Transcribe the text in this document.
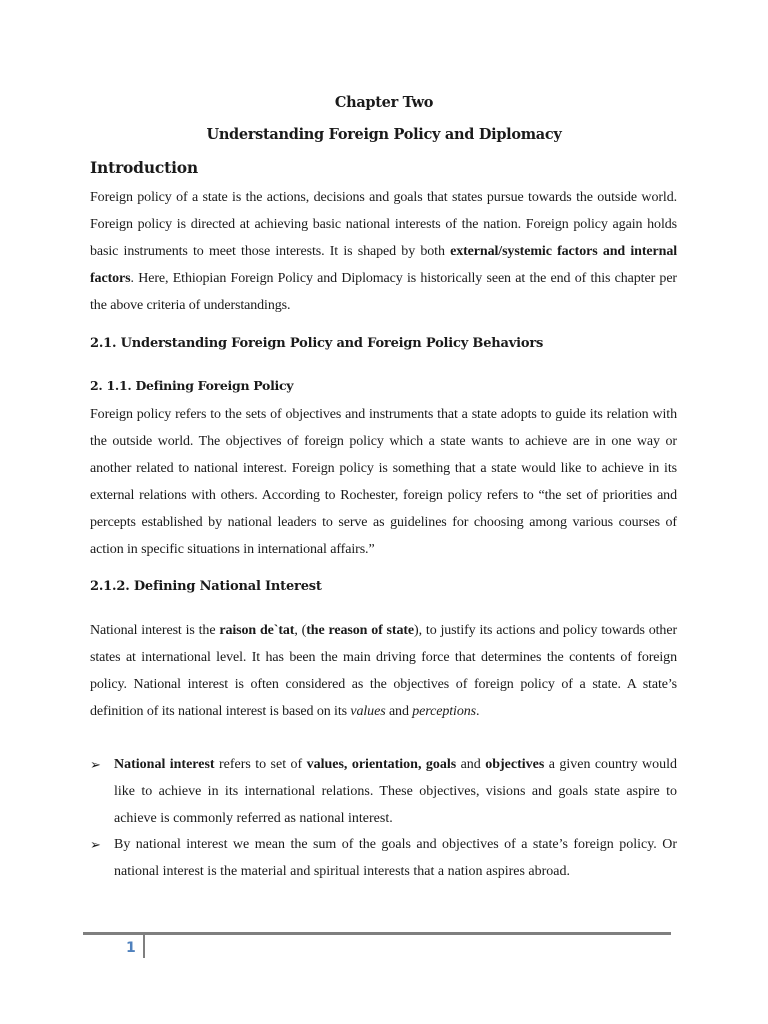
Chapter Two
Understanding Foreign Policy and Diplomacy
Introduction
Foreign policy of a state is the actions, decisions and goals that states pursue towards the outside world. Foreign policy is directed at achieving basic national interests of the nation. Foreign policy again holds basic instruments to meet those interests. It is shaped by both external/systemic factors and internal factors. Here, Ethiopian Foreign Policy and Diplomacy is historically seen at the end of this chapter per the above criteria of understandings.
2.1. Understanding Foreign Policy and Foreign Policy Behaviors
2. 1.1. Defining Foreign Policy
Foreign policy refers to the sets of objectives and instruments that a state adopts to guide its relation with the outside world. The objectives of foreign policy which a state wants to achieve are in one way or another related to national interest. Foreign policy is something that a state would like to achieve in its external relations with others. According to Rochester, foreign policy refers to “the set of priorities and percepts established by national leaders to serve as guidelines for choosing among various courses of action in specific situations in international affairs.”
2.1.2. Defining National Interest
National interest is the raison de`tat, (the reason of state), to justify its actions and policy towards other states at international level. It has been the main driving force that determines the contents of foreign policy. National interest is often considered as the objectives of foreign policy of a state. A state’s definition of its national interest is based on its values and perceptions.
➢ National interest refers to set of values, orientation, goals and objectives a given country would like to achieve in its international relations. These objectives, visions and goals state aspire to achieve is commonly referred as national interest.
➢ By national interest we mean the sum of the goals and objectives of a state’s foreign policy. Or national interest is the material and spiritual interests that a nation aspires abroad.
1
